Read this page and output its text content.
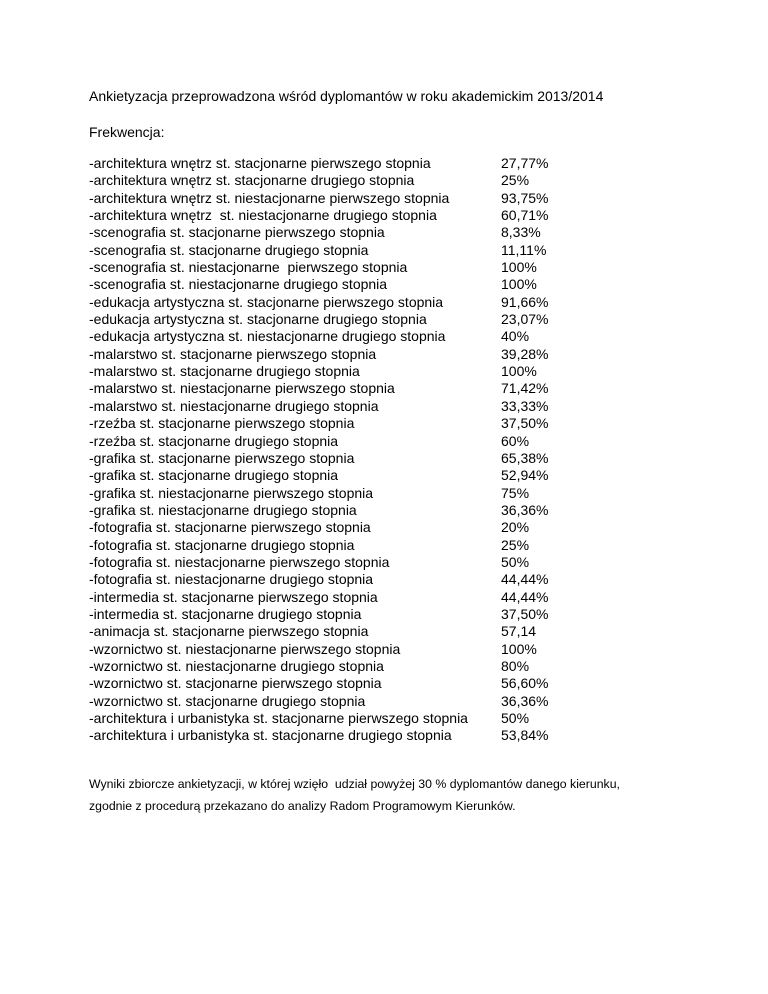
Ankietyzacja przeprowadzona wśród dyplomantów w roku akademickim 2013/2014
Frekwencja:
-architektura wnętrz st. stacjonarne pierwszego stopnia	27,77%
-architektura wnętrz st. stacjonarne drugiego stopnia	25%
-architektura wnętrz st. niestacjonarne pierwszego stopnia	93,75%
-architektura wnętrz  st. niestacjonarne drugiego stopnia	60,71%
-scenografia st. stacjonarne pierwszego stopnia	8,33%
-scenografia st. stacjonarne drugiego stopnia	11,11%
-scenografia st. niestacjonarne  pierwszego stopnia	100%
-scenografia st. niestacjonarne drugiego stopnia	100%
-edukacja artystyczna st. stacjonarne pierwszego stopnia	91,66%
-edukacja artystyczna st. stacjonarne drugiego stopnia	23,07%
-edukacja artystyczna st. niestacjonarne drugiego stopnia	40%
-malarstwo st. stacjonarne pierwszego stopnia	39,28%
-malarstwo st. stacjonarne drugiego stopnia	100%
-malarstwo st. niestacjonarne pierwszego stopnia	71,42%
-malarstwo st. niestacjonarne drugiego stopnia	33,33%
-rzeźba st. stacjonarne pierwszego stopnia	37,50%
-rzeźba st. stacjonarne drugiego stopnia	60%
-grafika st. stacjonarne pierwszego stopnia	65,38%
-grafika st. stacjonarne drugiego stopnia	52,94%
-grafika st. niestacjonarne pierwszego stopnia	75%
-grafika st. niestacjonarne drugiego stopnia	36,36%
-fotografia st. stacjonarne pierwszego stopnia	20%
-fotografia st. stacjonarne drugiego stopnia	25%
-fotografia st. niestacjonarne pierwszego stopnia	50%
-fotografia st. niestacjonarne drugiego stopnia	44,44%
-intermedia st. stacjonarne pierwszego stopnia	44,44%
-intermedia st. stacjonarne drugiego stopnia	37,50%
-animacja st. stacjonarne pierwszego stopnia	57,14
-wzornictwo st. niestacjonarne pierwszego stopnia	100%
-wzornictwo st. niestacjonarne drugiego stopnia	80%
-wzornictwo st. stacjonarne pierwszego stopnia	56,60%
-wzornictwo st. stacjonarne drugiego stopnia	36,36%
-architektura i urbanistyka st. stacjonarne pierwszego stopnia	50%
-architektura i urbanistyka st. stacjonarne drugiego stopnia	53,84%
Wyniki zbiorcze ankietyzacji, w której wzięło  udział powyżej 30 % dyplomantów danego kierunku,
zgodnie z procedurą przekazano do analizy Radom Programowym Kierunków.
